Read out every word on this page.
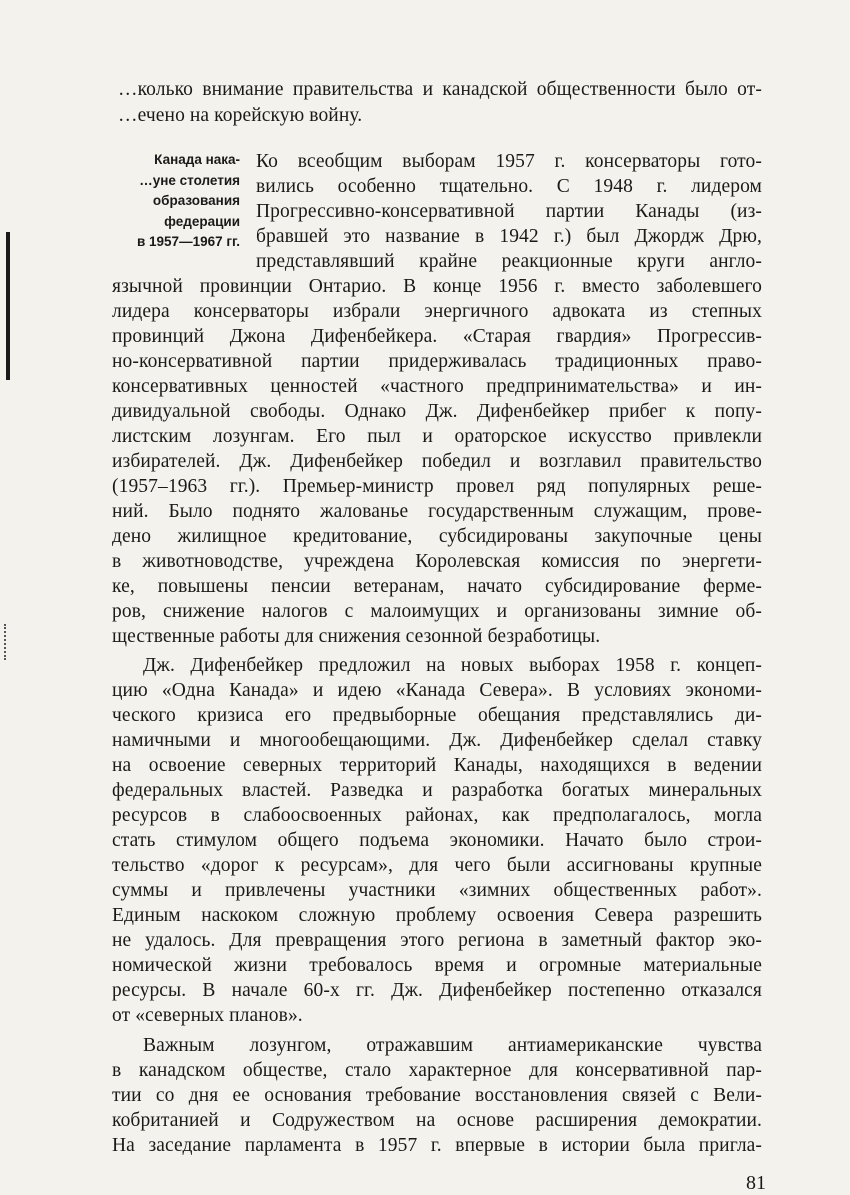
…колько внимание правительства и канадской общественности было от-
…ечено на корейскую войну.
Канада нака-
…уне столетия
образования
федерации
в 1957—1967 гг.
Ко всеобщим выборам 1957 г. консерваторы гото-
вились особенно тщательно. С 1948 г. лидером
Прогрессивно-консервативной партии Канады (из-
бравшей это название в 1942 г.) был Джордж Дрю,
представлявший крайне реакционные круги англо-
язычной провинции Онтарио. В конце 1956 г. вместо заболевшего
лидера консерваторы избрали энергичного адвоката из степных
провинций Джона Дифенбейкера. «Старая гвардия» Прогрессив-
но-консервативной партии придерживалась традиционных право-
консервативных ценностей «частного предпринимательства» и ин-
дивидуальной свободы. Однако Дж. Дифенбейкер прибег к попу-
листским лозунгам. Его пыл и ораторское искусство привлекли
избирателей. Дж. Дифенбейкер победил и возглавил правительство
(1957–1963 гг.). Премьер-министр провел ряд популярных реше-
ний. Было поднято жалованье государственным служащим, прове-
дено жилищное кредитование, субсидированы закупочные цены
в животноводстве, учреждена Королевская комиссия по энергети-
ке, повышены пенсии ветеранам, начато субсидирование ферме-
ров, снижение налогов с малоимущих и организованы зимние об-
щественные работы для снижения сезонной безработицы.
Дж. Дифенбейкер предложил на новых выборах 1958 г. концеп-
цию «Одна Канада» и идею «Канада Севера». В условиях экономи-
ческого кризиса его предвыборные обещания представлялись ди-
намичными и многообещающими. Дж. Дифенбейкер сделал ставку
на освоение северных территорий Канады, находящихся в ведении
федеральных властей. Разведка и разработка богатых минеральных
ресурсов в слабоосвоенных районах, как предполагалось, могла
стать стимулом общего подъема экономики. Начато было строи-
тельство «дорог к ресурсам», для чего были ассигнованы крупные
суммы и привлечены участники «зимних общественных работ».
Единым наскоком сложную проблему освоения Севера разрешить
не удалось. Для превращения этого региона в заметный фактор эко-
номической жизни требовалось время и огромные материальные
ресурсы. В начале 60-х гг. Дж. Дифенбейкер постепенно отказался
от «северных планов».
Важным лозунгом, отражавшим антиамериканские чувства
в канадском обществе, стало характерное для консервативной пар-
тии со дня ее основания требование восстановления связей с Вели-
кобританией и Содружеством на основе расширения демократии.
На заседание парламента в 1957 г. впервые в истории была пригла-
81
